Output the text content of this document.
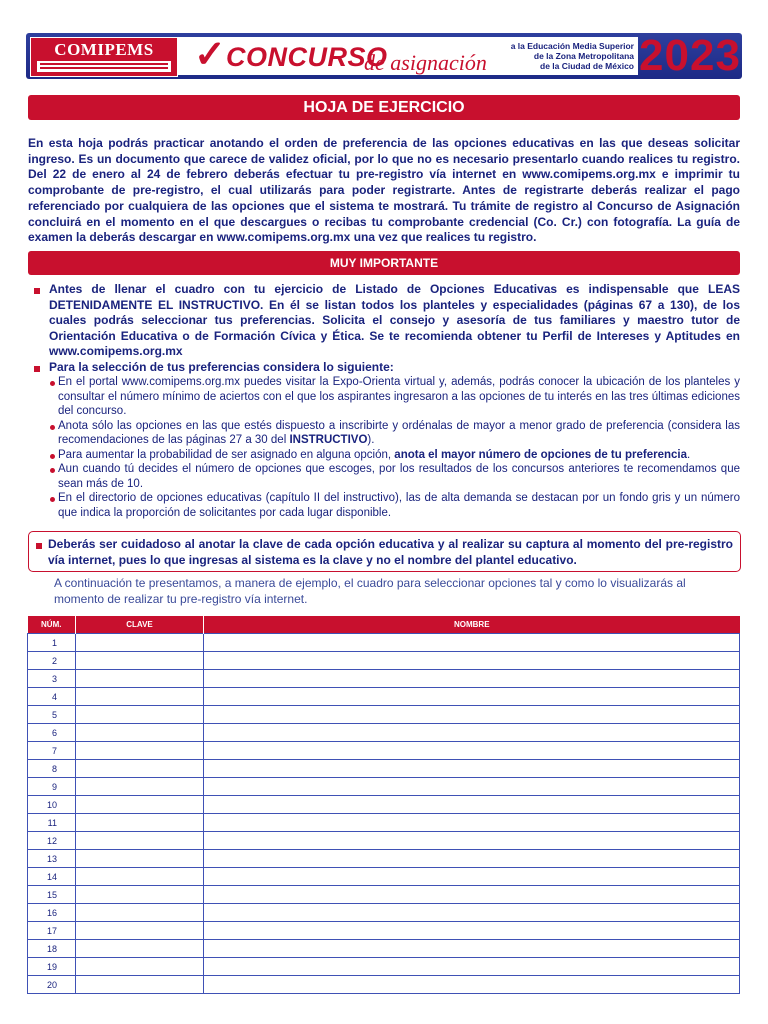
COMIPEMS	✓ CONCURSO
de asignación
a la Educación Media Superior
de la Zona Metropolitana
de la Ciudad de México 2023
HOJA DE EJERCICIO
En esta hoja podrás practicar anotando el orden de preferencia de las opciones educativas en las que deseas solicitar ingreso. Es un documento que carece de validez oficial, por lo que no es necesario presentarlo cuando realices tu registro. Del 22 de enero al 24 de febrero deberás efectuar tu pre-registro vía internet en www.comipems.org.mx e imprimir tu comprobante de pre-registro, el cual utilizarás para poder registrarte. Antes de registrarte deberás realizar el pago referenciado por cualquiera de las opciones que el sistema te mostrará. Tu trámite de registro al Concurso de Asignación concluirá en el momento en el que descargues o recibas tu comprobante credencial (Co. Cr.) con fotografía. La guía de examen la deberás descargar en www.comipems.org.mx una vez que realices tu registro.
MUY IMPORTANTE
Antes de llenar el cuadro con tu ejercicio de Listado de Opciones Educativas es indispensable que LEAS DETENIDAMENTE EL INSTRUCTIVO. En él se listan todos los planteles y especialidades (páginas 67 a 130), de los cuales podrás seleccionar tus preferencias. Solicita el consejo y asesoría de tus familiares y maestro tutor de Orientación Educativa o de Formación Cívica y Ética. Se te recomienda obtener tu Perfil de Intereses y Aptitudes en www.comipems.org.mx
Para la selección de tus preferencias considera lo siguiente:
En el portal www.comipems.org.mx puedes visitar la Expo-Orienta virtual y, además, podrás conocer la ubicación de los planteles y consultar el número mínimo de aciertos con el que los aspirantes ingresaron a las opciones de tu interés en las tres últimas ediciones del concurso.
Anota sólo las opciones en las que estés dispuesto a inscribirte y ordénalas de mayor a menor grado de preferencia (considera las recomendaciones de las páginas 27 a 30 del INSTRUCTIVO).
Para aumentar la probabilidad de ser asignado en alguna opción, anota el mayor número de opciones de tu preferencia.
Aun cuando tú decides el número de opciones que escoges, por los resultados de los concursos anteriores te recomendamos que sean más de 10.
En el directorio de opciones educativas (capítulo II del instructivo), las de alta demanda se destacan por un fondo gris y un número que indica la proporción de solicitantes por cada lugar disponible.
Deberás ser cuidadoso al anotar la clave de cada opción educativa y al realizar su captura al momento del pre-registro vía internet, pues lo que ingresas al sistema es la clave y no el nombre del plantel educativo.
A continuación te presentamos, a manera de ejemplo, el cuadro para seleccionar opciones tal y como lo visualizarás al momento de realizar tu pre-registro vía internet.
NÚM.	CLAVE	NOMBRE
1		
2		
3		
4		
5		
6		
7		
8		
9		
10		
11		
12		
13		
14		
15		
16		
17		
18		
19		
20		
